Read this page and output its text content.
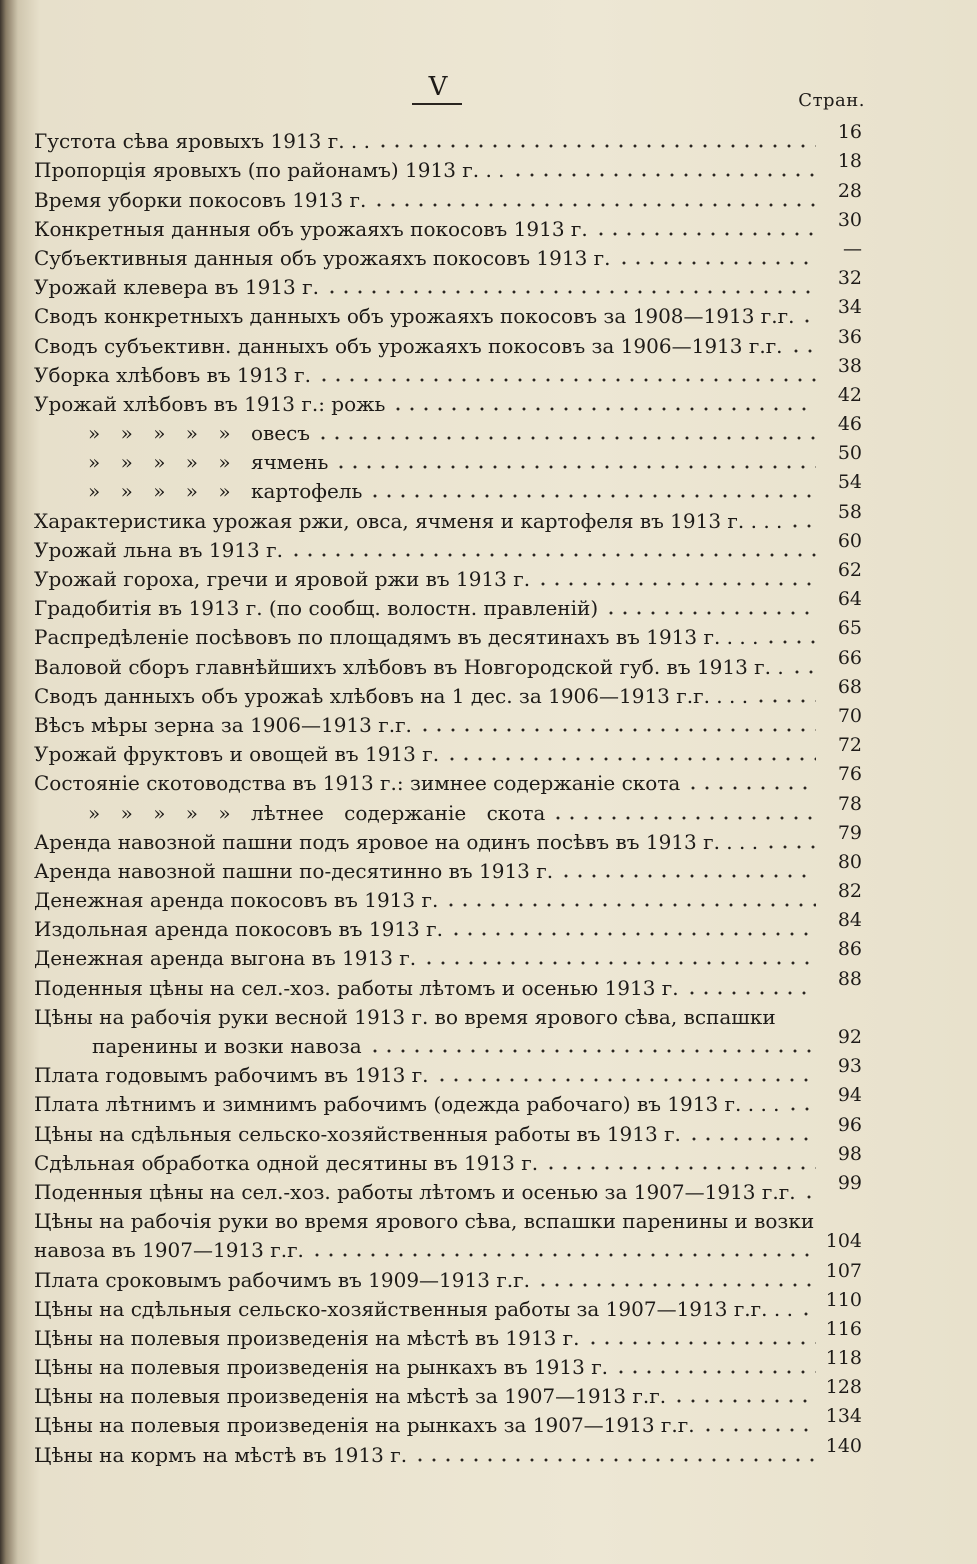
V	Стран.
Густота сѣва яровыхъ 1913 г. . .	16
Пропорція яровыхъ (по районамъ) 1913 г. . .	18
Время уборки покосовъ 1913 г.	28
Конкретныя данныя объ урожаяхъ покосовъ 1913 г.	30
Субъективныя данныя объ урожаяхъ покосовъ 1913 г.	—
Урожай клевера въ 1913 г.	32
Сводъ конкретныхъ данныхъ объ урожаяхъ покосовъ за 1908—1913 г.г.	34
Сводъ субъективн. данныхъ объ урожаяхъ покосовъ за 1906—1913 г.г.	36
Уборка хлѣбовъ въ 1913 г.	38
Урожай хлѣбовъ въ 1913 г.: рожь	42
» » » » » овесъ	46
» » » » » ячмень	50
» » » » » картофель	54
Характеристика урожая ржи, овса, ячменя и картофеля въ 1913 г. . . .	58
Урожай льна въ 1913 г.	60
Урожай гороха, гречи и яровой ржи въ 1913 г.	62
Градобитія въ 1913 г. (по сообщ. волостн. правленій)	64
Распредѣленіе посѣвовъ по площадямъ въ десятинахъ въ 1913 г. . . .	65
Валовой сборъ главнѣйшихъ хлѣбовъ въ Новгородской губ. въ 1913 г. .	66
Сводъ данныхъ объ урожаѣ хлѣбовъ на 1 дес. за 1906—1913 г.г. . . .	68
Вѣсъ мѣры зерна за 1906—1913 г.г.	70
Урожай фруктовъ и овощей въ 1913 г.	72
Состояніе скотоводства въ 1913 г.: зимнее содержаніе скота	76
» » » » » лѣтнее содержаніе скота	78
Аренда навозной пашни подъ яровое на одинъ посѣвъ въ 1913 г. . . .	79
Аренда навозной пашни по-десятинно въ 1913 г.	80
Денежная аренда покосовъ въ 1913 г.	82
Издольная аренда покосовъ въ 1913 г.	84
Денежная аренда выгона въ 1913 г.	86
Поденныя цѣны на сел.-хоз. работы лѣтомъ и осенью 1913 г.	88
Цѣны на рабочія руки весной 1913 г. во время ярового сѣва, вспашки
паренины и возки навоза	92
Плата годовымъ рабочимъ въ 1913 г.	93
Плата лѣтнимъ и зимнимъ рабочимъ (одежда рабочаго) въ 1913 г. . . .	94
Цѣны на сдѣльныя сельско-хозяйственныя работы въ 1913 г.	96
Сдѣльная обработка одной десятины въ 1913 г.	98
Поденныя цѣны на сел.-хоз. работы лѣтомъ и осенью за 1907—1913 г.г.	99
Цѣны на рабочія руки во время ярового сѣва, вспашки паренины и возки
навоза въ 1907—1913 г.г.	104
Плата сроковымъ рабочимъ въ 1909—1913 г.г.	107
Цѣны на сдѣльныя сельско-хозяйственныя работы за 1907—1913 г.г. . . 110
Цѣны на полевыя произведенія на мѣстѣ въ 1913 г.	116
Цѣны на полевыя произведенія на рынкахъ въ 1913 г.	118
Цѣны на полевыя произведенія на мѣстѣ за 1907—1913 г.г.	128
Цѣны на полевыя произведенія на рынкахъ за 1907—1913 г.г.	134
Цѣны на кормъ на мѣстѣ въ 1913 г.	140
